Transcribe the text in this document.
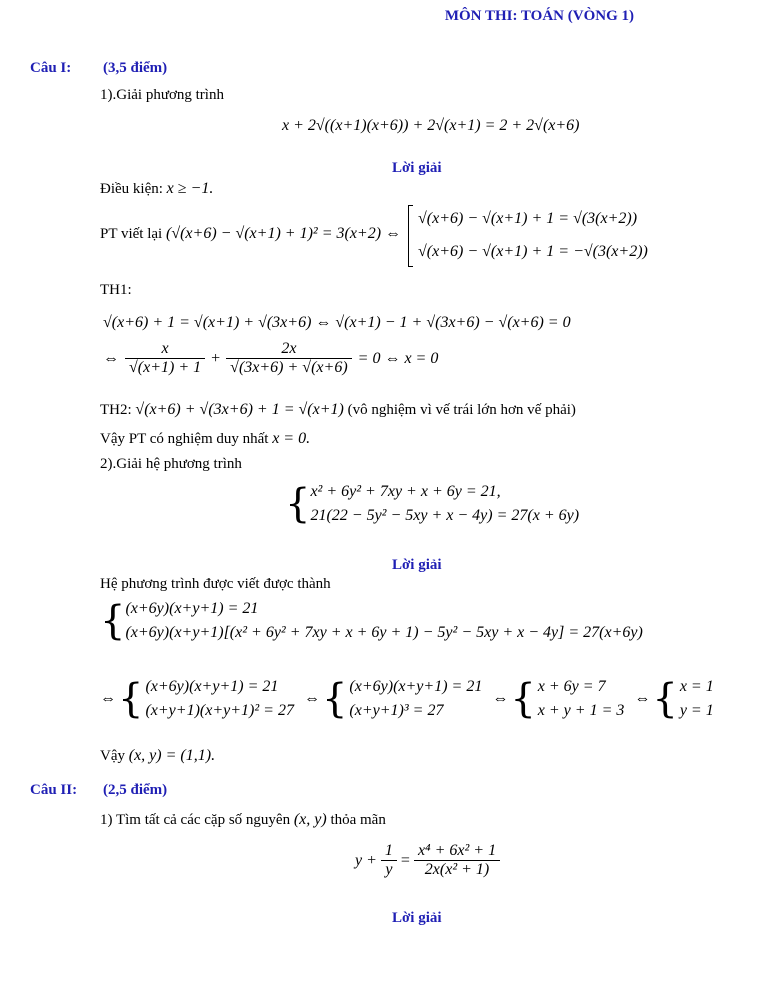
MÔN THI: TOÁN (VÒNG 1)
Câu I: (3,5 điểm)
1).Giải phương trình
x + 2√((x+1)(x+6)) + 2√(x+1) = 2 + 2√(x+6)
Lời giải
Điều kiện: x ≥ −1.
PT viết lại (√(x+6) − √(x+1) + 1)² = 3(x+2) ⇔
√(x+6) − √(x+1) + 1 = √(3(x+2))
√(x+6) − √(x+1) + 1 = −√(3(x+2))
TH1:
√(x+6) + 1 = √(x+1) + √(3x+6) ⇔ √(x+1) − 1 + √(3x+6) − √(x+6) = 0
⇔ $\frac{x}{√(x+1) + 1} + \frac{2x}{√(3x+6) + √(x+6)} = 0$ ⇔ x = 0
TH2: √(x+6) + √(3x+6) + 1 = √(x+1) (vô nghiệm vì vế trái lớn hơn vế phải)
Vậy PT có nghiệm duy nhất x = 0.
2).Giải hệ phương trình
{ x² + 6y² + 7xy + x + 6y = 21,
21(22 − 5y² − 5xy + x − 4y) = 27(x + 6y)
Lời giải
Hệ phương trình được viết được thành
{ (x+6y)(x+y+1) = 21
(x+6y)(x+y+1)[(x² + 6y² + 7xy + x + 6y + 1) − 5y² − 5xy + x − 4y] = 27(x+6y)
⇔ { (x+6y)(x+y+1) = 21
(x+y+1)(x+y+1)² = 27
⇔ { (x+6y)(x+y+1) = 21
(x+y+1)³ = 27
⇔ { x + 6y = 7
x + y + 1 = 3
⇔ { x = 1
y = 1
Vậy (x, y) = (1,1).
Câu II: (2,5 điểm)
1) Tìm tất cả các cặp số nguyên (x, y) thỏa mãn
$y + \frac{1}{y} = \frac{\text{x⁴ + 6x² + 1}}{\text{2x(x² + 1)}}$
Lời giải
